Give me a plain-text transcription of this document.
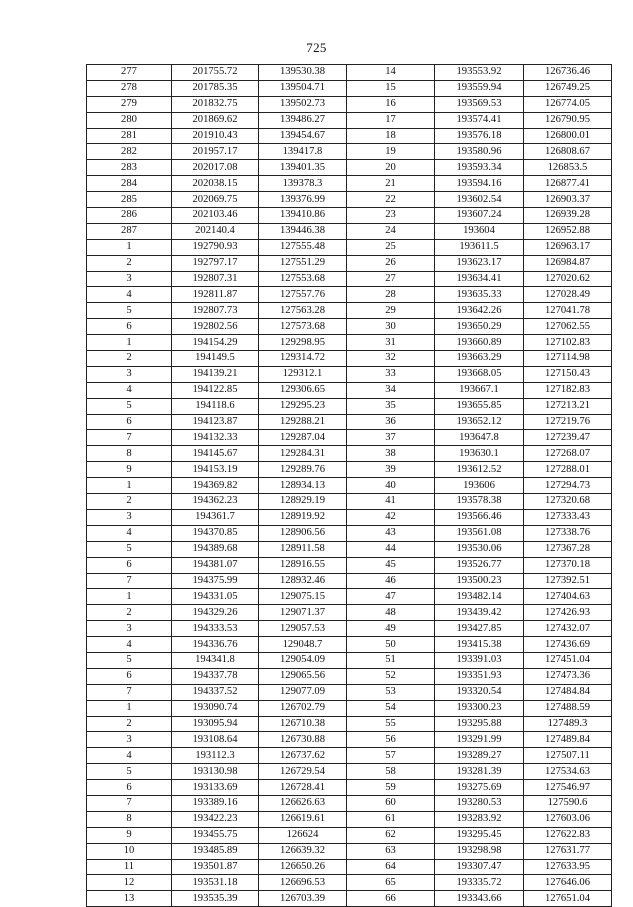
725
277	201755.72	139530.38	14	193553.92	126736.46
278	201785.35	139504.71	15	193559.94	126749.25
279	201832.75	139502.73	16	193569.53	126774.05
280	201869.62	139486.27	17	193574.41	126790.95
281	201910.43	139454.67	18	193576.18	126800.01
282	201957.17	139417.8	19	193580.96	126808.67
283	202017.08	139401.35	20	193593.34	126853.5
284	202038.15	139378.3	21	193594.16	126877.41
285	202069.75	139376.99	22	193602.54	126903.37
286	202103.46	139410.86	23	193607.24	126939.28
287	202140.4	139446.38	24	193604	126952.88
1	192790.93	127555.48	25	193611.5	126963.17
2	192797.17	127551.29	26	193623.17	126984.87
3	192807.31	127553.68	27	193634.41	127020.62
4	192811.87	127557.76	28	193635.33	127028.49
5	192807.73	127563.28	29	193642.26	127041.78
6	192802.56	127573.68	30	193650.29	127062.55
1	194154.29	129298.95	31	193660.89	127102.83
2	194149.5	129314.72	32	193663.29	127114.98
3	194139.21	129312.1	33	193668.05	127150.43
4	194122.85	129306.65	34	193667.1	127182.83
5	194118.6	129295.23	35	193655.85	127213.21
6	194123.87	129288.21	36	193652.12	127219.76
7	194132.33	129287.04	37	193647.8	127239.47
8	194145.67	129284.31	38	193630.1	127268.07
9	194153.19	129289.76	39	193612.52	127288.01
1	194369.82	128934.13	40	193606	127294.73
2	194362.23	128929.19	41	193578.38	127320.68
3	194361.7	128919.92	42	193566.46	127333.43
4	194370.85	128906.56	43	193561.08	127338.76
5	194389.68	128911.58	44	193530.06	127367.28
6	194381.07	128916.55	45	193526.77	127370.18
7	194375.99	128932.46	46	193500.23	127392.51
1	194331.05	129075.15	47	193482.14	127404.63
2	194329.26	129071.37	48	193439.42	127426.93
3	194333.53	129057.53	49	193427.85	127432.07
4	194336.76	129048.7	50	193415.38	127436.69
5	194341.8	129054.09	51	193391.03	127451.04
6	194337.78	129065.56	52	193351.93	127473.36
7	194337.52	129077.09	53	193320.54	127484.84
1	193090.74	126702.79	54	193300.23	127488.59
2	193095.94	126710.38	55	193295.88	127489.3
3	193108.64	126730.88	56	193291.99	127489.84
4	193112.3	126737.62	57	193289.27	127507.11
5	193130.98	126729.54	58	193281.39	127534.63
6	193133.69	126728.41	59	193275.69	127546.97
7	193389.16	126626.63	60	193280.53	127590.6
8	193422.23	126619.61	61	193283.92	127603.06
9	193455.75	126624	62	193295.45	127622.83
10	193485.89	126639.32	63	193298.98	127631.77
11	193501.87	126650.26	64	193307.47	127633.95
12	193531.18	126696.53	65	193335.72	127646.06
13	193535.39	126703.39	66	193343.66	127651.04
